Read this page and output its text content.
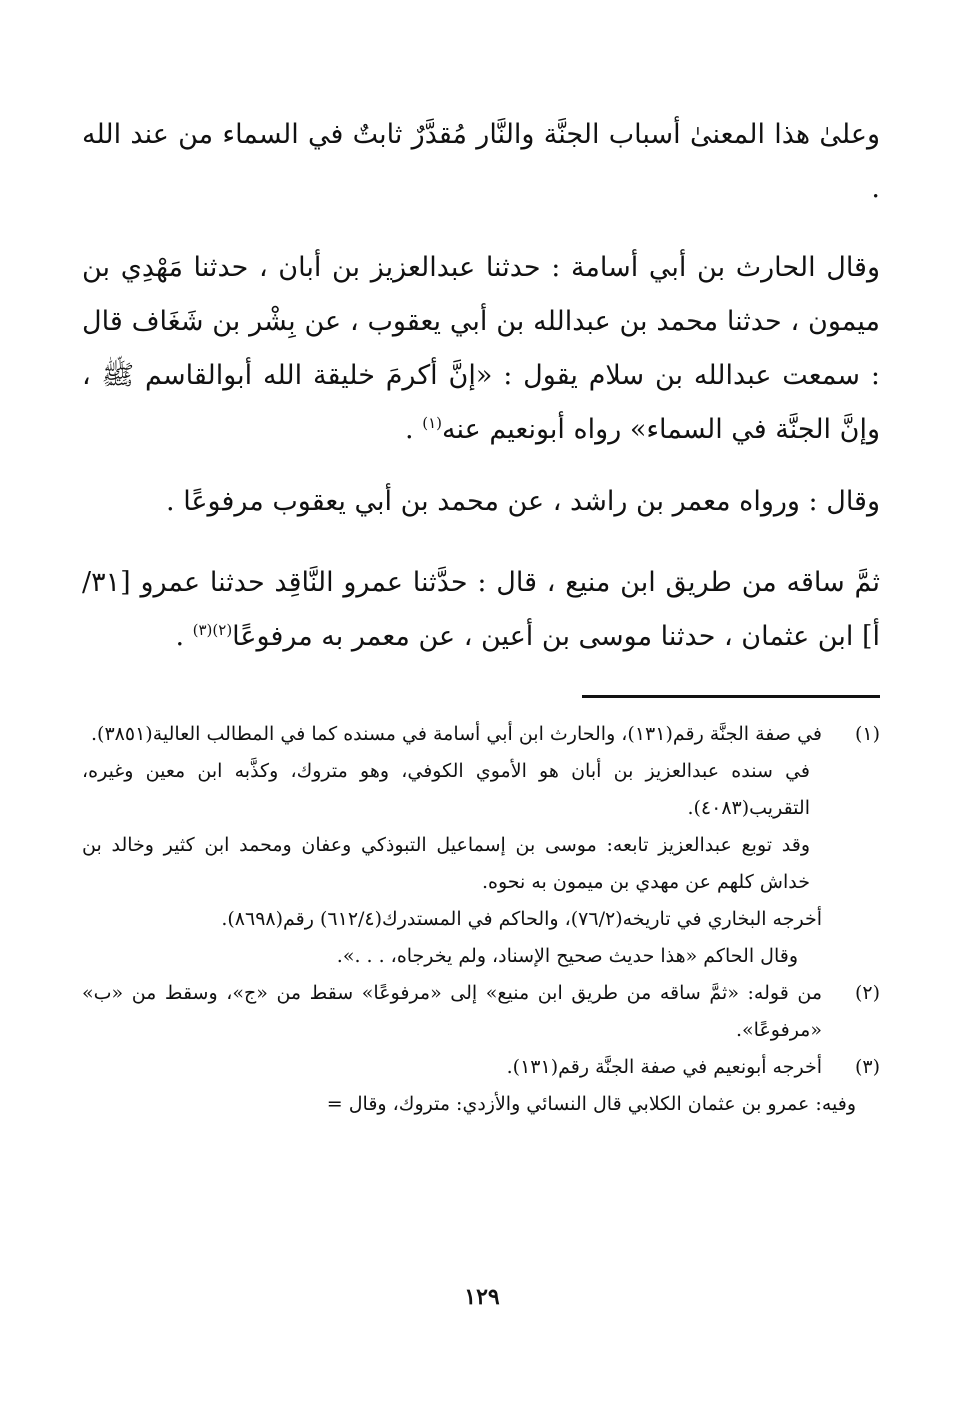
وعلىٰ هذا المعنىٰ أسباب الجنَّة والنَّار مُقدَّرٌ ثابتٌ في السماء من عند الله .

وقال الحارث بن أبي أسامة : حدثنا عبدالعزيز بن أبان ، حدثنا مَهْدِي بن ميمون ، حدثنا محمد بن عبدالله بن أبي يعقوب ، عن بِشْر بن شَغَاف قال : سمعت عبدالله بن سلام يقول : «إنَّ أكرمَ خليقة الله أبوالقاسم ﷺ ، وإنَّ الجنَّة في السماء» رواه أبونعيم عنه$^{(١)}$ .

وقال : ورواه معمر بن راشد ، عن محمد بن أبي يعقوب مرفوعًا .

ثمَّ ساقه من طريق ابن منيع ، قال : حدَّثنا عمرو النَّاقِد حدثنا عمرو [٣١/أ] ابن عثمان ، حدثنا موسى بن أعين ، عن معمر به مرفوعًا$^{(٢)(٣)}$ .

(١)
في صفة الجنَّة رقم(١٣١)، والحارث ابن أبي أسامة في مسنده كما في المطالب العالية(٣٨٥١).
في سنده عبدالعزيز بن أبان هو الأموي الكوفي، وهو متروك، وكذَّبه ابن معين وغيره، التقريب(٤٠٨٣).
وقد توبع عبدالعزيز تابعه: موسى بن إسماعيل التبوذكي وعفان ومحمد ابن كثير وخالد بن خداش كلهم عن مهدي بن ميمون به نحوه.
أخرجه البخاري في تاريخه(٧٦/٢)، والحاكم في المستدرك(٦١٢/٤) رقم(٨٦٩٨).
وقال الحاكم «هذا حديث صحيح الإسناد، ولم يخرجاه، . . .».
(٢)
من قوله: «ثمَّ ساقه من طريق ابن منيع» إلى «مرفوعًا» سقط من «ج»، وسقط من «ب» «مرفوعًا».
(٣)
أخرجه أبونعيم في صفة الجنَّة رقم(١٣١).
وفيه: عمرو بن عثمان الكلابي قال النسائي والأزدي: متروك، وقال =
١٢٩
